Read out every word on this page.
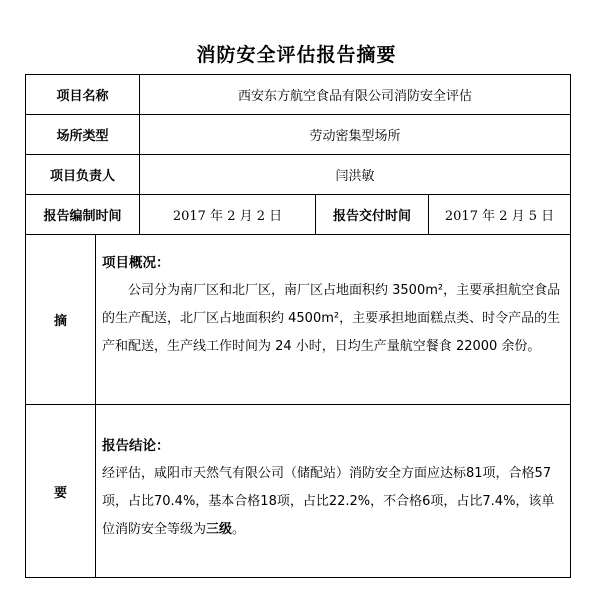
消防安全评估报告摘要
项目名称		西安东方航空食品有限公司消防安全评估		
场所类型		劳动密集型场所		
项目负责人		闫洪敏		
报告编制时间		2017 年 2 月 2 日	报告交付时间	2017 年 2 月 5 日
摘	项目概况：
公司分为南厂区和北厂区，南厂区占地面积约 3500m²，主要承担航空食品的生产配送，北厂区占地面积约 4500m²，主要承担地面糕点类、时令产品的生产和配送，生产线工作时间为 24 小时，日均生产量航空餐食 22000 余份。			

要	报告结论：
经评估，咸阳市天然气有限公司（储配站）消防安全方面应达标81项，合格57项，占比70.4%，基本合格18项，占比22.2%，不合格6项，占比7.4%，该单位消防安全等级为三级。			
